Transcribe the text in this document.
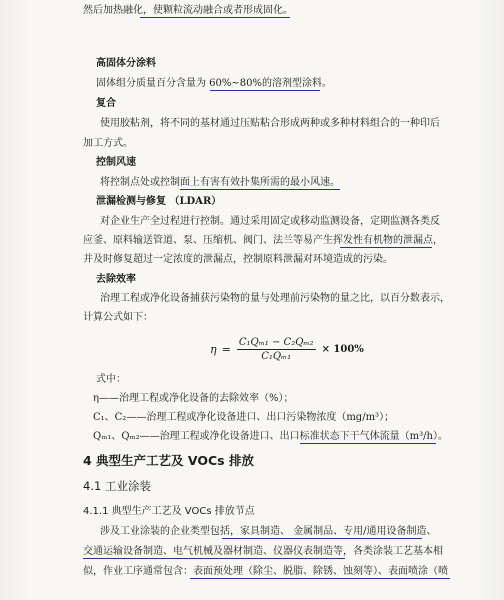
然后加热融化，使颗粒流动融合或者形成固化。
高固体分涂料
固体组分质量百分含量为 60%~80%的溶剂型涂料。
复合
使用胶粘剂，将不同的基材通过压贴粘合形成两种或多种材料组合的一种印后
加工方式。
控制风速
将控制点处或控制面上有害有效扑集所需的最小风速。
泄漏检测与修复 （LDAR）
对企业生产全过程进行控制。通过采用固定或移动监测设备，定期监测各类反
应釜、原料输送管道、泵、压缩机、阀门、法兰等易产生挥发性有机物的泄漏点，
并及时修复超过一定浓度的泄漏点，控制原料泄漏对环境造成的污染。
去除效率
治理工程或净化设备捕获污染物的量与处理前污染物的量之比，以百分数表示，
计算公式如下：
$\eta = \frac{\text{C₁Qₘ₁ − C₂Qₘ₂}}{\text{C₁Qₘ₁}} \times 100\%$
式中：
η——治理工程或净化设备的去除效率（%）；
C₁、C₂——治理工程或净化设备进口、出口污染物浓度（mg/m³）；
Qₘ₁、Qₘ₂——治理工程或净化设备进口、出口标准状态下干气体流量（m³/h）。
4 典型生产工艺及 VOCs 排放
4.1 工业涂装
4.1.1 典型生产工艺及 VOCs 排放节点
涉及工业涂装的企业类型包括，家具制造、 金属制品、专用/通用设备制造、
交通运输设备制造、电气机械及器材制造、仪器仪表制造等，各类涂装工艺基本相
似，作业工序通常包含：表面预处理（除尘、脱脂、除锈、蚀刻等）、表面喷涂（喷
